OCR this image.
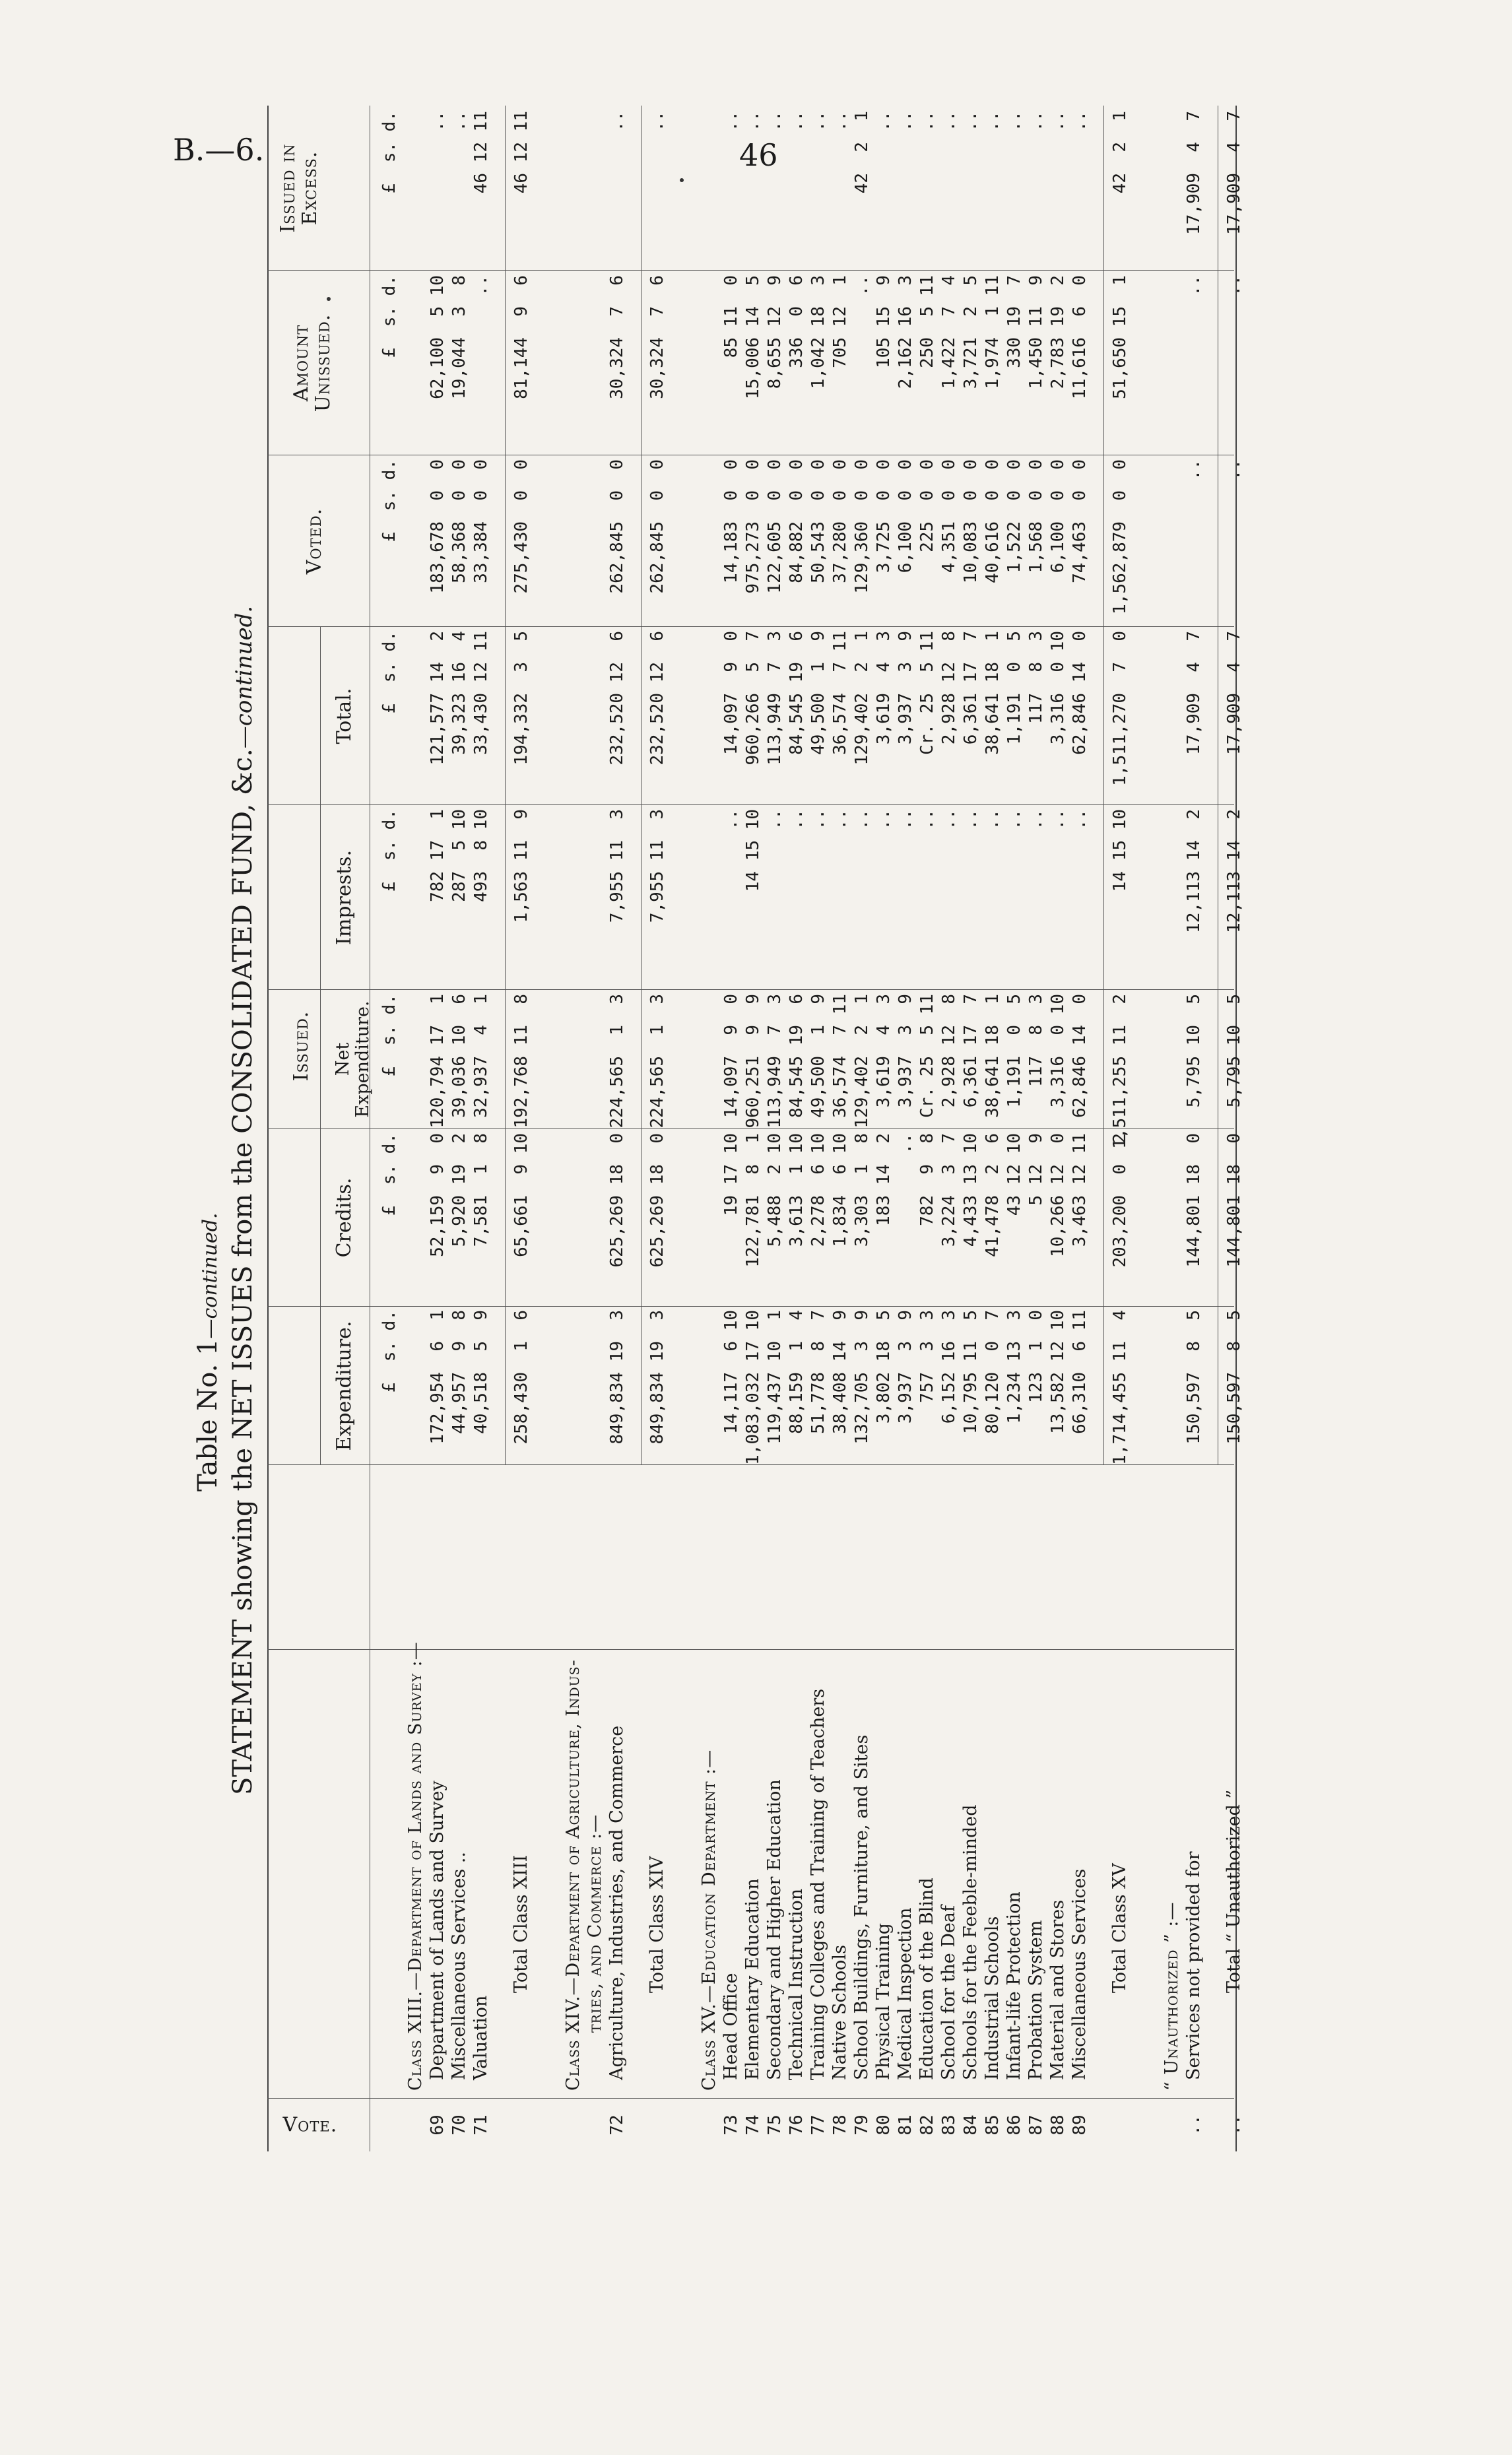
B.—6.	46
Table No. 1—continued. STATEMENT showing the NET ISSUES from the CONSOLIDATED FUND, &c.—continued.
Vote.
Issued.
Expenditure.
Credits.
Net Expenditure.
Imprests.
Total.
Voted.
Amount Unissued.
Issued in Excess.
£  s. d.
£  s. d.
£  s. d.
£  s. d.
£  s. d.
£  s. d.
£  s. d.
£  s. d.
Class XIII.—Department of Lands and Survey :—
69
Department of Lands and Survey
172,954  6  1
52,159  9  0
120,794 17  1
782 17  1
121,577 14  2
183,678  0  0
62,100  5 10
..
70
Miscellaneous Services ..
44,957  9  8
5,920 19  2
39,036 10  6
287  5 10
39,323 16  4
58,368  0  0
19,044  3  8
..
71
Valuation
40,518  5  9
7,581  1  8
32,937  4  1
493  8 10
33,430 12 11
33,384  0  0
..
46 12 11
Total Class XIII
258,430  1  6
65,661  9 10
192,768 11  8
1,563 11  9
194,332  3  5
275,430  0  0
81,144  9  6
46 12 11
Class XIV.—Department of Agriculture, Indus- tries, and Commerce :—
72
Agriculture, Industries, and Commerce
849,834 19  3
625,269 18  0
224,565  1  3
7,955 11  3
232,520 12  6
262,845  0  0
30,324  7  6
..
Total Class XIV
849,834 19  3
625,269 18  0
224,565  1  3
7,955 11  3
232,520 12  6
262,845  0  0
30,324  7  6
..
Class XV.—Education Department :—
73
Head Office
14,117  6 10
19 17 10
14,097  9  0
..
14,097  9  0
14,183  0  0
85 11  0
..
74
Elementary Education
1,083,032 17 10
122,781  8  1
960,251  9  9
14 15 10
960,266  5  7
975,273  0  0
15,006 14  5
..
75
Secondary and Higher Education
119,437 10  1
5,488  2 10
113,949  7  3
..
113,949  7  3
122,605  0  0
8,655 12  9
..
76
Technical Instruction
88,159  1  4
3,613  1 10
84,545 19  6
..
84,545 19  6
84,882  0  0
336  0  6
..
77
Training Colleges and Training of Teachers
51,778  8  7
2,278  6 10
49,500  1  9
..
49,500  1  9
50,543  0  0
1,042 18  3
..
78
Native Schools
38,408 14  9
1,834  6 10
36,574  7 11
..
36,574  7 11
37,280  0  0
705 12  1
..
79
School Buildings, Furniture, and Sites
132,705  3  9
3,303  1  8
129,402  2  1
..
129,402  2  1
129,360  0  0
..
42  2  1
80
Physical Training
3,802 18  5
183 14  2
3,619  4  3
..
3,619  4  3
3,725  0  0
105 15  9
..
81
Medical Inspection
3,937  3  9
..
3,937  3  9
..
3,937  3  9
6,100  0  0
2,162 16  3
..
82
Education of the Blind
757  3  3
782  9  8
Cr. 25  5 11
..
Cr. 25  5 11
225  0  0
250  5 11
..
83
School for the Deaf
6,152 16  3
3,224  3  7
2,928 12  8
..
2,928 12  8
4,351  0  0
1,422  7  4
..
84
Schools for the Feeble-minded
10,795 11  5
4,433 13 10
6,361 17  7
..
6,361 17  7
10,083  0  0
3,721  2  5
..
85
Industrial Schools
80,120  0  7
41,478  2  6
38,641 18  1
..
38,641 18  1
40,616  0  0
1,974  1 11
..
86
Infant-life Protection
1,234 13  3
43 12 10
1,191  0  5
..
1,191  0  5
1,522  0  0
330 19  7
..
87
Probation System
123  1  0
5 12  9
117  8  3
..
117  8  3
1,568  0  0
1,450 11  9
..
88
Material and Stores
13,582 12 10
10,266 12  0
3,316  0 10
..
3,316  0 10
6,100  0  0
2,783 19  2
..
89
Miscellaneous Services
66,310  6 11
3,463 12 11
62,846 14  0
..
62,846 14  0
74,463  0  0
11,616  6  0
..
Total Class XV
1,714,455 11  4
203,200  0  2
1,511,255 11  2
14 15 10
1,511,270  7  0
1,562,879  0  0
51,650 15  1
42  2  1
“ Unauthorized ” :—
..
Services not provided for
150,597  8  5
144,801 18  0
5,795 10  5
12,113 14  2
17,909  4  7
..
..
17,909  4  7
..
Total “ Unauthorized ”
150,597  8  5
144,801 18  0
5,795 10  5
12,113 14  2
17,909  4  7
..
..
17,909  4  7
